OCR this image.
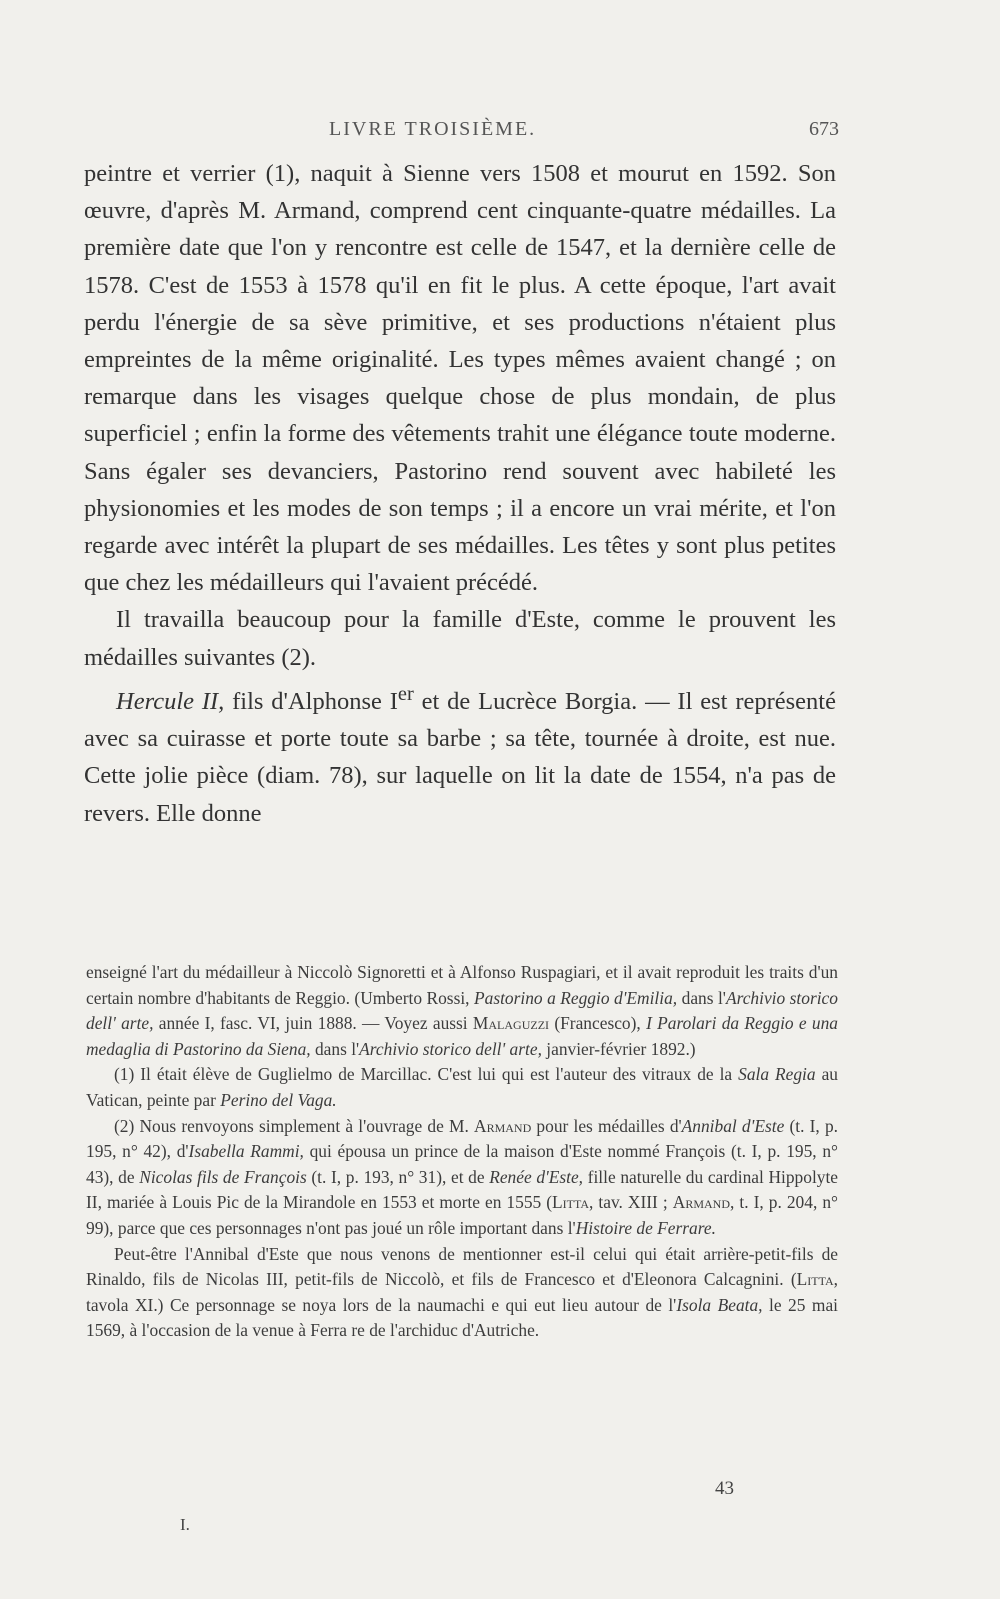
LIVRE TROISIÈME.	673

peintre et verrier (1), naquit à Sienne vers 1508 et mourut en 1592. Son œuvre, d'après M. Armand, comprend cent cinquante-quatre médailles. La première date que l'on y rencontre est celle de 1547, et la dernière celle de 1578. C'est de 1553 à 1578 qu'il en fit le plus. A cette époque, l'art avait perdu l'énergie de sa sève primitive, et ses productions n'étaient plus empreintes de la même originalité. Les types mêmes avaient changé ; on remarque dans les visages quelque chose de plus mondain, de plus superficiel ; enfin la forme des vêtements trahit une élégance toute moderne. Sans égaler ses devanciers, Pastorino rend souvent avec habileté les physionomies et les modes de son temps ; il a encore un vrai mérite, et l'on regarde avec intérêt la plupart de ses médailles. Les têtes y sont plus petites que chez les médailleurs qui l'avaient précédé.

Il travailla beaucoup pour la famille d'Este, comme le prouvent les médailles suivantes (2).

Hercule II, fils d'Alphonse Ier et de Lucrèce Borgia. — Il est représenté avec sa cuirasse et porte toute sa barbe ; sa tête, tournée à droite, est nue. Cette jolie pièce (diam. 78), sur laquelle on lit la date de 1554, n'a pas de revers. Elle donne

enseigné l'art du médailleur à Niccolò Signoretti et à Alfonso Ruspagiari, et il avait reproduit les traits d'un certain nombre d'habitants de Reggio. (Umberto Rossi, Pastorino a Reggio d'Emilia, dans l'Archivio storico dell' arte, année I, fasc. VI, juin 1888. — Voyez aussi Malaguzzi (Francesco), I Parolari da Reggio e una medaglia di Pastorino da Siena, dans l'Archivio storico dell' arte, janvier-février 1892.)

(1) Il était élève de Guglielmo de Marcillac. C'est lui qui est l'auteur des vitraux de la Sala Regia au Vatican, peinte par Perino del Vaga.

(2) Nous renvoyons simplement à l'ouvrage de M. Armand pour les médailles d'Annibal d'Este (t. I, p. 195, n° 42), d'Isabella Rammi, qui épousa un prince de la maison d'Este nommé François (t. I, p. 195, n° 43), de Nicolas fils de François (t. I, p. 193, n° 31), et de Renée d'Este, fille naturelle du cardinal Hippolyte II, mariée à Louis Pic de la Mirandole en 1553 et morte en 1555 (Litta, tav. XIII ; Armand, t. I, p. 204, n° 99), parce que ces personnages n'ont pas joué un rôle important dans l'Histoire de Ferrare.

Peut-être l'Annibal d'Este que nous venons de mentionner est-il celui qui était arrière-petit-fils de Rinaldo, fils de Nicolas III, petit-fils de Niccolò, et fils de Francesco et d'Eleonora Calcagnini. (Litta, tavola XI.) Ce personnage se noya lors de la naumachi e qui eut lieu autour de l'Isola Beata, le 25 mai 1569, à l'occasion de la venue à Ferra re de l'archiduc d'Autriche.

43
I.
